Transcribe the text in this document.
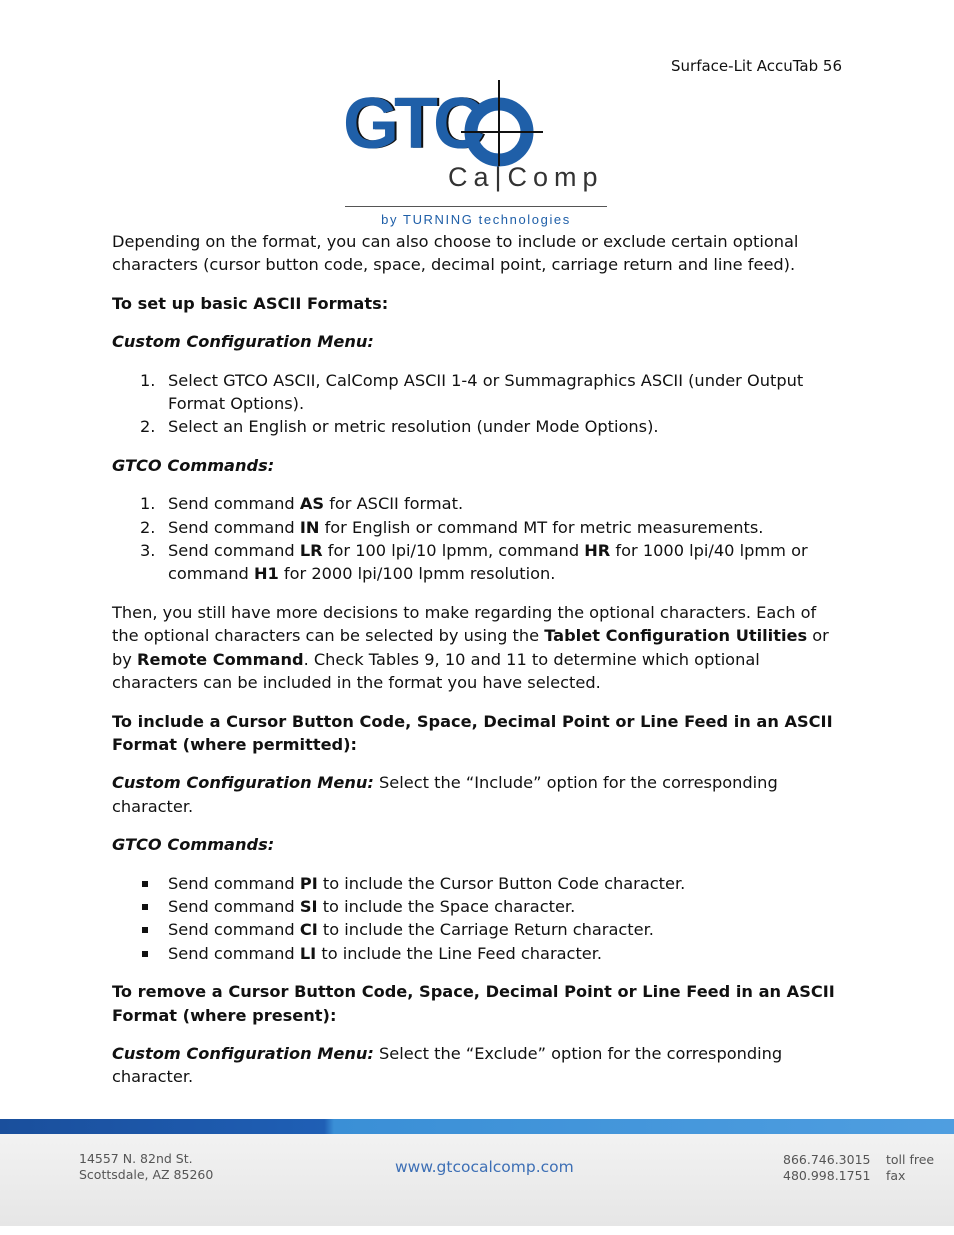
Surface-Lit AccuTab 56
GTC
Ca|Comp
by TURNING technologies

Depending on the format, you can also choose to include or exclude certain optional characters (cursor button code, space, decimal point, carriage return and line feed).

To set up basic ASCII Formats:

Custom Configuration Menu:

1. Select GTCO ASCII, CalComp ASCII 1-4 or Summagraphics ASCII (under Output Format Options).
2. Select an English or metric resolution (under Mode Options).

GTCO Commands:

1. Send command AS for ASCII format.
2. Send command IN for English or command MT for metric measurements.
3. Send command LR for 100 lpi/10 lpmm, command HR for 1000 lpi/40 lpmm or command H1 for 2000 lpi/100 lpmm resolution.

Then, you still have more decisions to make regarding the optional characters. Each of the optional characters can be selected by using the Tablet Configuration Utilities or by Remote Command. Check Tables 9, 10 and 11 to determine which optional characters can be included in the format you have selected.

To include a Cursor Button Code, Space, Decimal Point or Line Feed in an ASCII Format (where permitted):

Custom Configuration Menu: Select the “Include” option for the corresponding character.

GTCO Commands:

Send command PI to include the Cursor Button Code character.
Send command SI to include the Space character.
Send command CI to include the Carriage Return character.
Send command LI to include the Line Feed character.

To remove a Cursor Button Code, Space, Decimal Point or Line Feed in an ASCII Format (where present):

Custom Configuration Menu: Select the “Exclude” option for the corresponding character.

14557 N. 82nd St.
Scottsdale, AZ 85260	www.gtcocalcomp.com	866.746.3015
480.998.1751
toll free
fax
